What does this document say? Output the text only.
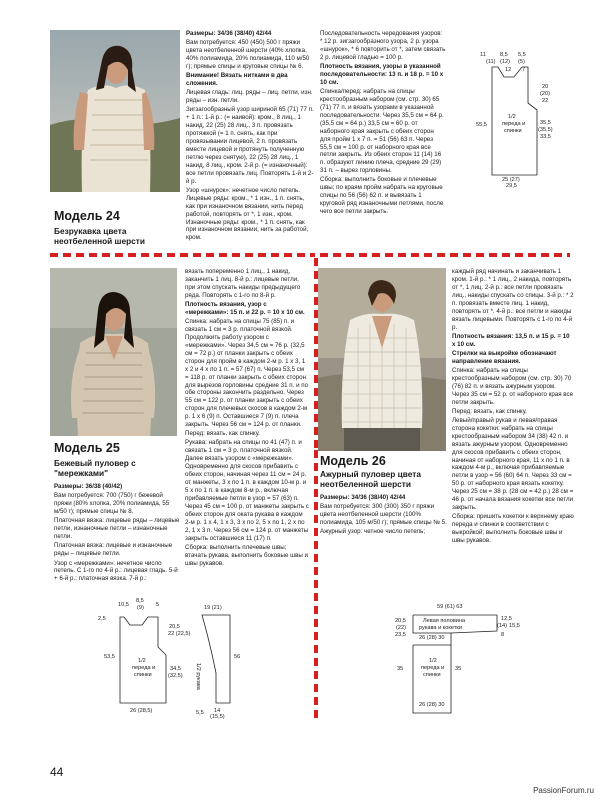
Модель 24
Безрукавка цвета неотбеленной шерсти

Размеры: 34/36 (38/40) 42/44

Вам потребуется: 450 (450) 500 г пряжи цвета неотбеленной шерсти (40% хлопка, 40% полиамида, 20% полиамида, 110 м/50 г); прямые спицы и круговые спицы № 6.

Внимание! Вязать нитками в два сложения.

Лицевая гладь: лиц. ряды – лиц. петли, изн. ряды – изн. петли.

Зигзагообразный узор шириной 65 (71) 77 п. + 1 п.: 1-й р.: (= наивой): кром., 8 лиц., 1 накид, 22 (25) 28 лиц., 3 п. провязать протяжкой (= 1 п. снять, как при провязывании лицевой, 2 п. провязать вместе лицевой и протянуть полученную петлю через снятую), 22 (25) 28 лиц., 1 накид, 8 лиц., кром. 2-й р. (= изнаночный): все петли провязать лиц. Повторять 1-й и 2-й р.

Узор «шнурок»: нечетное число петель. Лицевые ряды: кром., * 1 изн., 1 п. снять, как при изнаночном вязании, нить перед работой, повторять от *, 1 изн., кром. Изнаночные ряды: кром., * 1 п. снять, как при изнаночном вязании, нить за работой, кром.

Последовательность чередования узоров: * 12 р. зигзагообразного узора, 2 р. узора «шнурок», * 6 повторить от *, затем связать 2 р. лицевой гладью = 100 р.

Плотность вязания, узоры в указанной последовательности: 13 п. и 18 р. = 10 х 10 см.

Спинка/перед: набрать на спицы крестообразным набором (см. стр. 30) 65 (71) 77 п. и вязать узорами в указанной последовательности. Через 35,5 см = 64 р. (35,5 см = 64 р.) 33,5 см = 60 р. от наборного края закрыть с обеих сторон для пройм 1 х 7 п. = 51 (56) 63 п. Через 55,5 см = 100 р. от наборного края все петли закрыть. Из обеих сторон 11 (14) 16 п. образуют линию плеча, средние 29 (29) 31 п. – вырез горловины.

Сборка: выполнить боковые и плечевые швы; по краям пройм набрать на круговые спицы по 56 (56) 62 п. и вывязать 1 круговой ряд изнаночными петлями, после чего все петли закрыть.

11	8,5 5,5
(11) (12) (5)
12 7
20
(20)
22
35,5
(35,5)
33,5
55,5
1/2
переда и
спинки
25 (27)
29,5
Модель 25
Бежевый пуловер с "мережками"

Размеры: 36/38 (40/42)

Вам потребуется: 700 (750) г бежевой пряжи (80% хлопка, 20% полиамида, 55 м/50 г); прямые спицы № 8.

Платочная вязка: лицевые ряды – лицевые петли, изнаночные петли – изнаночные петли.

Платочная вязка: лицевые и изнаночные ряды – лицевые петли.

Узор с «мережками»: нечетное число петель. С 1-го по 4-й р.: лицевая гладь. 5-й + 6-й р.: платочная вязка. 7-й р.:

вязать попеременно 1 лиц., 1 накид, заканчить 1 лиц. 8-й р.: лицевые петли, при этом спускать накиды предыдущего ряда. Повторять с 1-го по 8-й р.

Плотность вязания, узор с «мережками»: 15 п. и 22 р. = 10 х 10 см.

Спинка: набрать на спицы 75 (85) п. и связать 1 см = 3 р. платочной вязкой. Продолжить работу узором с «мережками». Через 34,5 см = 76 р. (32,5 см = 72 р.) от планки закрыть с обеих сторон для пройм в каждом 2-м р. 1 х 3, 1 х 2 и 4 х по 1 п. = 57 (67) п. Через 53,5 см = 118 р. от планки закрыть с обеих сторон для вырезов горловины средние 31 п. и по обе стороны закончить раздельно. Через 55 см = 122 р. от планки закрыть с обеих сторон для плечевых скосов в каждом 2-м р. 1 х 6 (9) п. Оставшиеся 7 (9) п. плеча закрыть. Через 56 см = 124 р. от планки.

Перед: вязать, как спинку.

Рукава: набрать на спицы по 41 (47) п. и связать 1 см = 3 р. платочной вязкой. Далее вязать узором с «мережками». Одновременно для скосов прибавить с обеих сторон, начиная через 11 см = 24 р. от манжеты, 3 х по 1 п. в каждом 10-м р. и 5 х по 1 п. в каждом 8-м р., включая прибавляемые петли в узор = 57 (63) п. Через 45 см = 100 р. от манжеты закрыть с обеих сторон для оката рукава в каждом 2-м р. 1 х 4, 1 х 3, 3 х по 2, 5 х по 1, 2 х по 2, 1 х 3 п. Через 56 см = 124 р. от манжеты закрыть оставшиеся 11 (17) п.

Сборка: выполнить плечевые швы; втачать рукава, выполнить боковые швы и швы рукавов.

10,5
8,5
(9) 5
2,5
20,5
22 (22,5)
53,5
34,5
(32,5)
1/2
переда и
спинки
26 (28,5)
19 (21)
56
1/2 рукава
5,5 14
(15,5)
Модель 26
Ажурный пуловер цвета неотбеленной шерсти

Размеры: 34/36 (38/40) 42/44

Вам потребуется: 300 (300) 350 г пряжи цвета неотбеленной шерсти (100% полиамида, 105 м/50 г); прямые спицы № 5.

Ажурный узор: четное число петель;

каждый ряд начинать и заканчивать 1 кром. 1-й р.: * 1 лиц., 2 накида, повторять от *, 1 лиц. 2-й р.: все петли провязать лиц., накиды спускать со спицы. 3-й р.: * 2 п. провязать вместе лиц. 1 накид, повторять от *. 4-й р.: все петли и накиды вязать лицевыми. Повторять с 1-го по 4-й р.

Плотность вязания: 13,5 п. и 15 р. = 10 х 10 см.

Стрелки на выкройке обозначают направление вязания.

Спинка: набрать на спицы крестообразным набором (см. стр. 30) 70 (76) 82 п. и вязать ажурным узором. Через 35 см = 52 р. от наборного края все петли закрыть.

Перед: вязать, как спинку.

Левый/правый рукав и левая/правая сторона кокетки: набрать на спицы крестообразным набором 34 (38) 42 п. и вязать ажурным узором. Одновременно для скосов прибавить с обеих сторон, начиная от наборного края, 11 х по 1 п. в каждом 4-м р., включая прибавляемые петли в узор = 56 (60) 64 п. Через 33 см = 50 р. от наборного края вязать кокетку. Через 25 см = 38 р. (28 см = 42 р.) 28 см = 46 р. от начала вязания кокетки все петли закрыть.

Сборка: пришить кокетки к верхнему краю переда и спинки в соответствии с выкройкой; выполнить боковые швы и швы рукавов.

59 (61) 63
20,5
(22)
23,5
Левая половина
рукава и кокетки
12,5
(14) 15,5
8
26 (28) 30
35
1/2
переда и
спинки
35
26 (28) 30
44
PassionForum.ru
